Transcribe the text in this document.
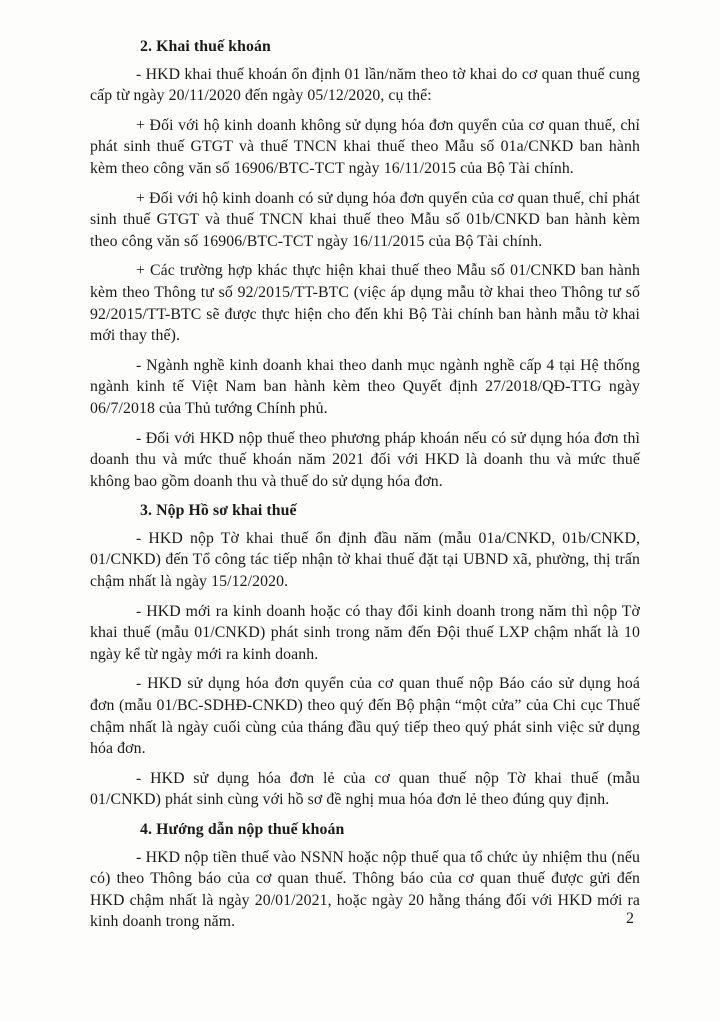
2. Khai thuế khoán

- HKD khai thuế khoán ổn định 01 lần/năm theo tờ khai do cơ quan thuế cung cấp từ ngày 20/11/2020 đến ngày 05/12/2020, cụ thể:

+ Đối với hộ kinh doanh không sử dụng hóa đơn quyển của cơ quan thuế, chỉ phát sinh thuế GTGT và thuế TNCN khai thuế theo Mẫu số 01a/CNKD ban hành kèm theo công văn số 16906/BTC-TCT ngày 16/11/2015 của Bộ Tài chính.

+ Đối với hộ kinh doanh có sử dụng hóa đơn quyển của cơ quan thuế, chỉ phát sinh thuế GTGT và thuế TNCN khai thuế theo Mẫu số 01b/CNKD ban hành kèm theo công văn số 16906/BTC-TCT ngày 16/11/2015 của Bộ Tài chính.

+ Các trường hợp khác thực hiện khai thuế theo Mẫu số 01/CNKD ban hành kèm theo Thông tư số 92/2015/TT-BTC (việc áp dụng mẫu tờ khai theo Thông tư số 92/2015/TT-BTC sẽ được thực hiện cho đến khi Bộ Tài chính ban hành mẫu tờ khai mới thay thế).

- Ngành nghề kinh doanh khai theo danh mục ngành nghề cấp 4 tại Hệ thống ngành kinh tế Việt Nam ban hành kèm theo Quyết định 27/2018/QĐ-TTG ngày 06/7/2018 của Thủ tướng Chính phủ.

- Đối với HKD nộp thuế theo phương pháp khoán nếu có sử dụng hóa đơn thì doanh thu và mức thuế khoán năm 2021 đối với HKD là doanh thu và mức thuế không bao gồm doanh thu và thuế do sử dụng hóa đơn.

3. Nộp Hồ sơ khai thuế

- HKD nộp Tờ khai thuế ổn định đầu năm (mẫu 01a/CNKD, 01b/CNKD, 01/CNKD) đến Tổ công tác tiếp nhận tờ khai thuế đặt tại UBND xã, phường, thị trấn chậm nhất là ngày 15/12/2020.

- HKD mới ra kinh doanh hoặc có thay đổi kinh doanh trong năm thì nộp Tờ khai thuế (mẫu 01/CNKD) phát sinh trong năm đến Đội thuế LXP chậm nhất là 10 ngày kể từ ngày mới ra kinh doanh.

- HKD sử dụng hóa đơn quyển của cơ quan thuế nộp Báo cáo sử dụng hoá đơn (mẫu 01/BC-SDHĐ-CNKD) theo quý đến Bộ phận “một cửa” của Chi cục Thuế chậm nhất là ngày cuối cùng của tháng đầu quý tiếp theo quý phát sinh việc sử dụng hóa đơn.

- HKD sử dụng hóa đơn lẻ của cơ quan thuế nộp Tờ khai thuế (mẫu 01/CNKD) phát sinh cùng với hồ sơ đề nghị mua hóa đơn lẻ theo đúng quy định.

4. Hướng dẫn nộp thuế khoán

- HKD nộp tiền thuế vào NSNN hoặc nộp thuế qua tổ chức ủy nhiệm thu (nếu có) theo Thông báo của cơ quan thuế. Thông báo của cơ quan thuế được gửi đến HKD chậm nhất là ngày 20/01/2021, hoặc ngày 20 hằng tháng đối với HKD mới ra kinh doanh trong năm.	2
